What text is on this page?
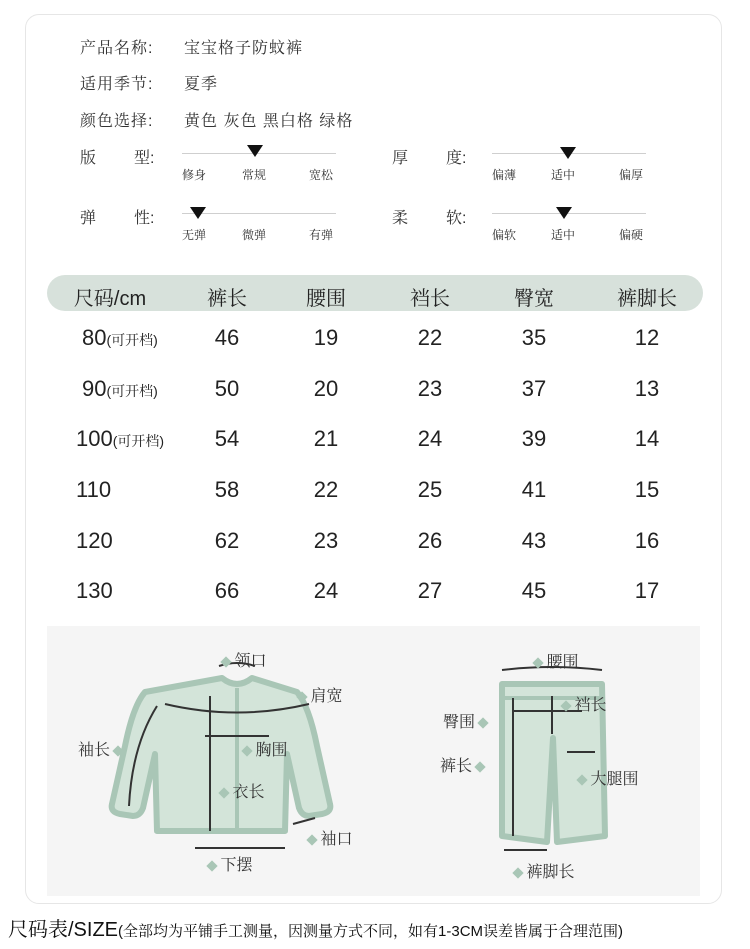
产品名称: 宝宝格子防蚊裤
适用季节: 夏季
颜色选择: 黄色 灰色 黑白格 绿格
版 型:
修身	常规	宽松
厚 度:
偏薄	适中	偏厚
弹 性:
无弹	微弹	有弹
柔 软:
偏软	适中	偏硬
尺码/cm	裤长	腰围	裆长	臀宽	裤脚长
80(可开档)	46	19	22	35	12
90(可开档)	50	20	23	37	13
100(可开档) 54	21	24	39	14
110	58	22	25	41	15
120	62	23	26	43	16
130	66	24	27	45	17
领口
肩宽
袖长	胸围
衣长
袖口
下摆
腰围
裆长
臀围
裤长
大腿围
裤脚长
尺码表/SIZE(全部均为平铺手工测量，因测量方式不同，如有1-3CM误差皆属于合理范围)
